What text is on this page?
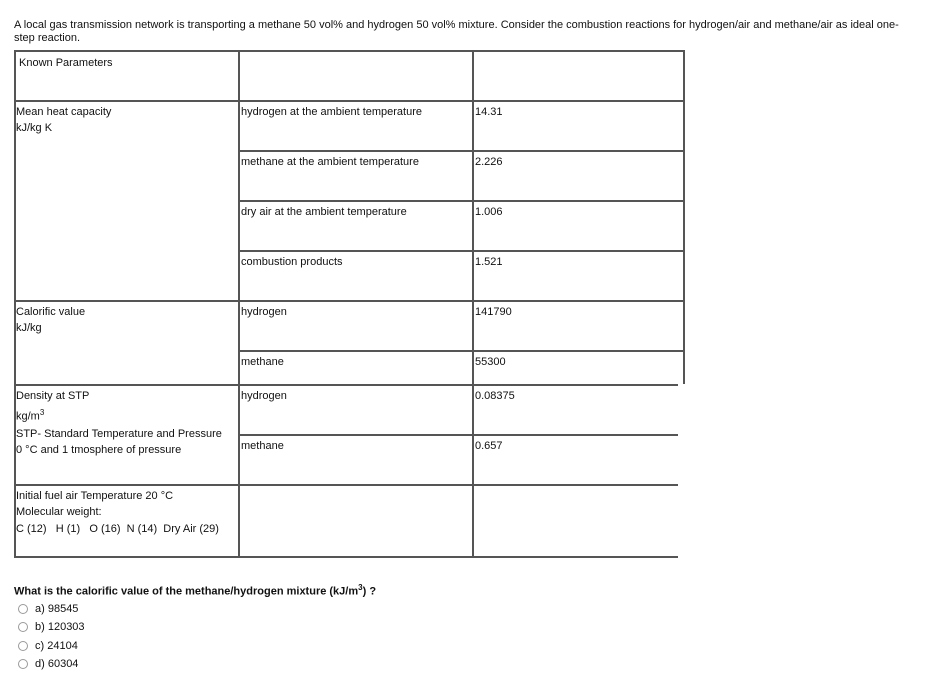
A local gas transmission network is transporting a methane 50 vol% and hydrogen 50 vol% mixture. Consider the combustion reactions for hydrogen/air and methane/air as ideal one-step reaction.
Known Parameters
Mean heat capacity
kJ/kg K
hydrogen at the ambient temperature	14.31
methane at the ambient temperature	2.226
dry air at the ambient temperature	1.006
combustion products	1.521
Calorific value
kJ/kg
hydrogen	141790
methane	55300
Density at STP
$kg/m^3$
STP- Standard Temperature and Pressure
0 °C and 1 tmosphere of pressure
hydrogen	0.08375
methane	0.657
Initial fuel air Temperature 20 °C
Molecular weight:
C (12)   H (1)   O (16)  N (14)  Dry Air (29)
What is the calorific value of the methane/hydrogen mixture $(kJ/m^3)$ ?
a) 98545
b) 120303
c) 24104
d) 60304
